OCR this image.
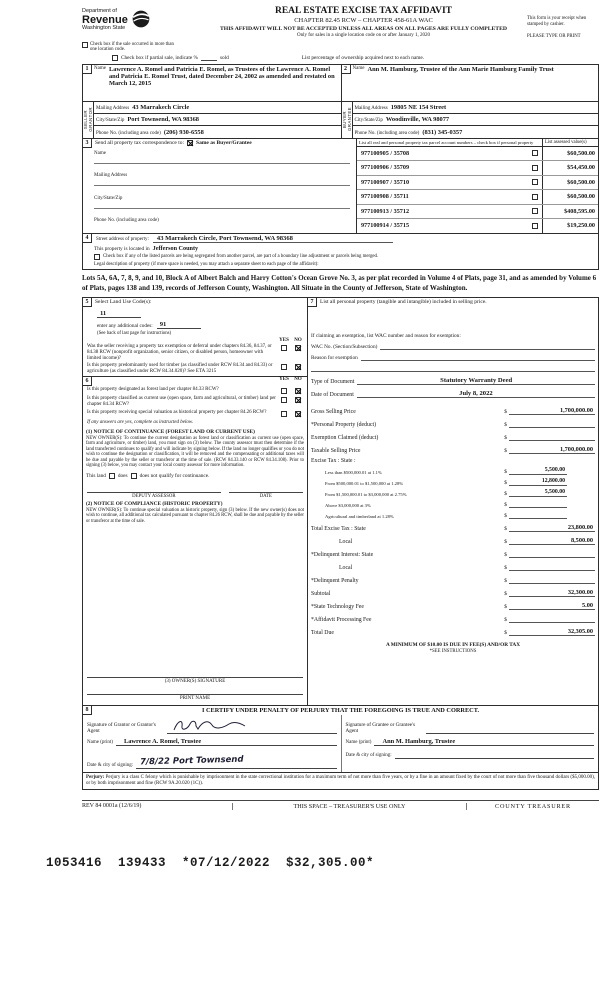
Department of
Revenue
Washington State
REAL ESTATE EXCISE TAX AFFIDAVIT
CHAPTER 82.45 RCW – CHAPTER 458-61A WAC
THIS AFFIDAVIT WILL NOT BE ACCEPTED UNLESS ALL AREAS ON ALL PAGES ARE FULLY COMPLETED
Only for sales in a single location code on or after January 1, 2020
This form is your receipt when stamped by cashier.
PLEASE TYPE OR PRINT
Check box if the sale occurred in more than one location code.
Check box if partial sale, indicate %	sold	List percentage of ownership acquired next to each name.
1	Name Lawrence A. Romel and Patricia E. Romel, as Trustees of the Lawrence A. Romel and Patricia E. Romel Trust, dated December 24, 2002 as amended and restated on March 12, 2015
SELLER GRANTOR Mailing Address 43 Marrakech Circle
City/State/Zip Port Townsend, WA 98368
Phone No. (including area code) (206) 930-6558
2	Name Ann M. Hamburg, Trustee of the Ann Marie Hamburg Family Trust
BUYER GRANTEE Mailing Address 19805 NE 154 Street
City/State/Zip Woodinville, WA 98077
Phone No. (including area code) (831) 345-0357
3	Send all property tax correspondence to: Same as Buyer/Grantee
Name
Mailing Address
City/State/Zip
Phone No. (including area code)
List all real and personal property tax parcel account numbers – check box if personal property	List assessed value(s)
977100905 / 35708	$60,500.00
977100906 / 35709	$54,450.00
977100907 / 35710	$60,500.00
977100908 / 35711	$60,500.00
977100913 / 35712	$408,595.00
977100914 / 35715	$19,250.00
4	Street address of property:	43 Marrakech Circle, Port Townsend, WA 98368
This property is located in Jefferson County
Check box if any of the listed parcels are being segregated from another parcel, are part of a boundary line adjustment or parcels being merged.
Legal description of property (if more space is needed, you may attach a separate sheet to each page of the affidavit):
Lots 5A, 6A, 7, 8, 9, and 10, Block A of Albert Balch and Harry Cotton's Ocean Grove No. 3, as per plat recorded in Volume 4 of Plats, page 31, and as amended by Volume 6 of Plats, pages 138 and 139, records of Jefferson County, Washington. All Situate in the County of Jefferson, State of Washington.
5	Select Land Use Code(s):
11
enter any additional codes:	91
(See back of last page for instructions)
YES	NO
Was the seller receiving a property tax exemption or deferral under chapters 84.36, 84.37, or 84.38 RCW (nonprofit organization, senior citizen, or disabled person, homeowner with limited income)?
Is this property predominantly used for timber (as classified under RCW 84.34 and 84.33) or agriculture (as classified under RCW 84.34.020)? See ETA 3215
6	YES	NO
Is this property designated as forest land per chapter 84.33 RCW?
Is this property classified as current use (open space, farm and agricultural, or timber) land per chapter 84.34 RCW?
Is this property receiving special valuation as historical property per chapter 84.26 RCW?
If any answers are yes, complete as instructed below.
(1) NOTICE OF CONTINUANCE (FOREST LAND OR CURRENT USE)
NEW OWNER(S): To continue the current designation as forest land or classification as current use (open space, farm and agriculture, or timber) land, you must sign on (3) below. The county assessor must then determine if the land transferred continues to qualify and will indicate by signing below. If the land no longer qualifies or you do not wish to continue the designation or classification, it will be removed and the compensating or additional taxes will be due and payable by the seller or transferor at the time of sale. (RCW 84.33.140 or RCW 84.34.108). Prior to signing (3) below, you may contact your local county assessor for more information.
This land does does not qualify for continuance.
DEPUTY ASSESSOR	DATE
(2) NOTICE OF COMPLIANCE (HISTORIC PROPERTY)
NEW OWNER(S): To continue special valuation as historic property, sign (3) below. If the new owner(s) does not wish to continue, all additional tax calculated pursuant to chapter 84.26 RCW, shall be due and payable by the seller or transferor at the time of sale.
(3) OWNER(S) SIGNATURE
PRINT NAME
7	List all personal property (tangible and intangible) included in selling price.
If claiming an exemption, list WAC number and reason for exemption:
WAC No. (Section/Subsection)
Reason for exemption
Type of Document	Statutory Warranty Deed
Date of Document	July 8, 2022
Gross Selling Price	$	1,700,000.00
*Personal Property (deduct)	$
Exemption Claimed (deduct)	$
Taxable Selling Price	$	1,700,000.00
Excise Tax : State :
Less than $500,000.01 at 1.1%	$	5,500.00
From $500,000.01 to $1,500,000 at 1.28%	$	12,800.00
From $1,500,000.01 to $3,000,000 at 2.75%	$	5,500.00
Above $3,000,000 at 3%	$
Agricultural and timberland at 1.28%	$
Total Excise Tax : State	$	23,800.00
Local	$	8,500.00
*Delinquent Interest: State	$
Local	$
*Delinquent Penalty	$
Subtotal	$	32,300.00
*State Technology Fee	$	5.00
*Affidavit Processing Fee	$
Total Due	$	32,305.00
A MINIMUM OF $10.00 IS DUE IN FEE(S) AND/OR TAX
*SEE INSTRUCTIONS
8	I CERTIFY UNDER PENALTY OF PERJURY THAT THE FOREGOING IS TRUE AND CORRECT.
Signature of Grantor or Grantor's Agent
Name (print)	Lawrence A. Romel, Trustee
Date & city of signing: 7/8/22 Port Townsend
Signature of Grantee or Grantee's Agent
Name (print)	Ann M. Hamburg, Trustee
Date & city of signing:
Perjury: Perjury is a class C felony which is punishable by imprisonment in the state correctional institution for a maximum term of not more than five years, or by a fine in an amount fixed by the court of not more than five thousand dollars ($5,000.00), or by both imprisonment and fine (RCW 9A.20.020 (1C)).
REV 84 0001a (12/6/19)	THIS SPACE – TREASURER'S USE ONLY	COUNTY TREASURER
1053416  139433  *07/12/2022  $32,305.00*
